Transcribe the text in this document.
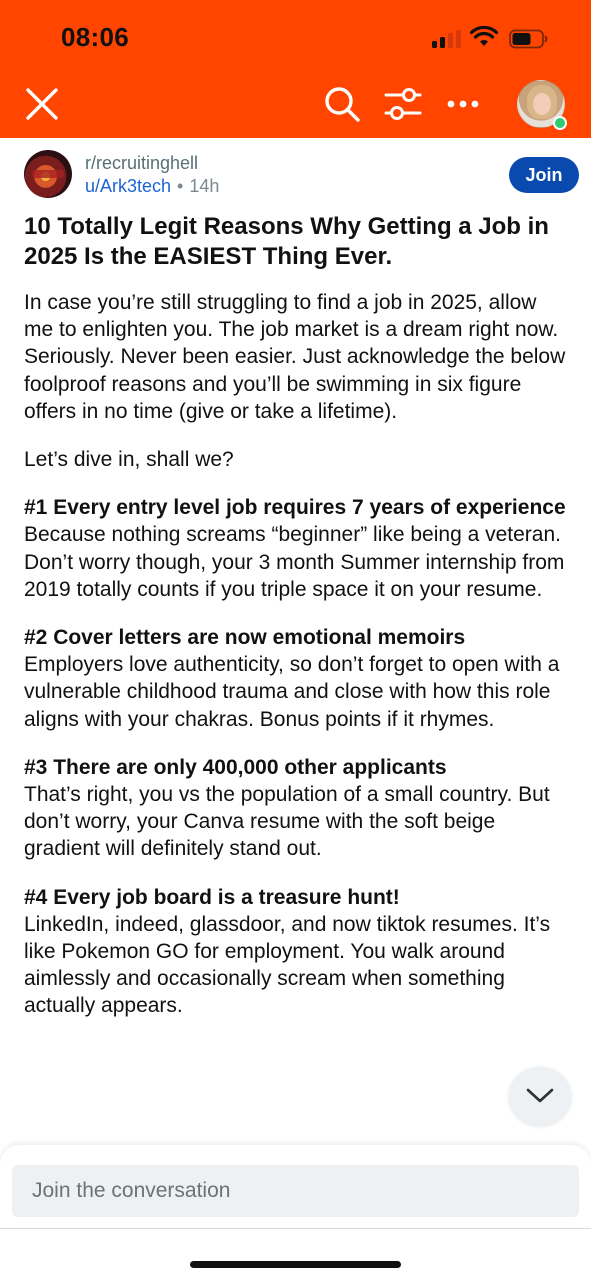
08:06
r/recruitinghell
u/Ark3tech • 14h
Join
10 Totally Legit Reasons Why Getting a Job in 2025 Is the EASIEST Thing Ever.

In case you’re still struggling to find a job in 2025, allow me to enlighten you. The job market is a dream right now. Seriously. Never been easier. Just acknowledge the below foolproof reasons and you’ll be swimming in six figure offers in no time (give or take a lifetime).

Let’s dive in, shall we?

#1 Every entry level job requires 7 years of experience
Because nothing screams “beginner” like being a veteran. Don’t worry though, your 3 month Summer internship from 2019 totally counts if you triple space it on your resume.
#2 Cover letters are now emotional memoirs
Employers love authenticity, so don’t forget to open with a vulnerable childhood trauma and close with how this role aligns with your chakras. Bonus points if it rhymes.
#3 There are only 400,000 other applicants
That’s right, you vs the population of a small country. But don’t worry, your Canva resume with the soft beige gradient will definitely stand out.
#4 Every job board is a treasure hunt!
LinkedIn, indeed, glassdoor, and now tiktok resumes. It’s like Pokemon GO for employment. You walk around aimlessly and occasionally scream when something actually appears.
Join the conversation
